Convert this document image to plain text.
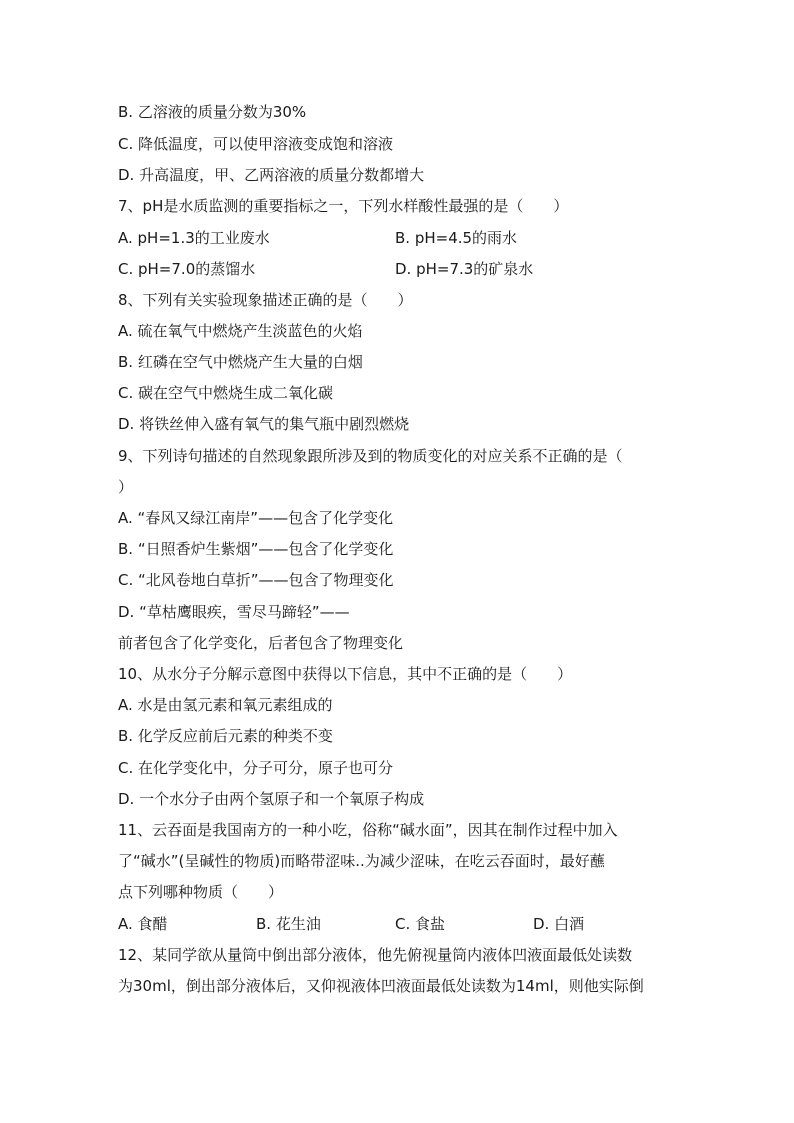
B. 乙溶液的质量分数为30%
C. 降低温度，可以使甲溶液变成饱和溶液
D. 升高温度，甲、乙两溶液的质量分数都增大
7、pH是水质监测的重要指标之一，下列水样酸性最强的是（　　）
A. pH=1.3的工业废水	B. pH=4.5的雨水
C. pH=7.0的蒸馏水	D. pH=7.3的矿泉水
8、下列有关实验现象描述正确的是（　　）
A. 硫在氧气中燃烧产生淡蓝色的火焰
B. 红磷在空气中燃烧产生大量的白烟
C. 碳在空气中燃烧生成二氧化碳
D. 将铁丝伸入盛有氧气的集气瓶中剧烈燃烧
9、下列诗句描述的自然现象跟所涉及到的物质变化的对应关系不正确的是（
）
A. “春风又绿江南岸”——包含了化学变化
B. “日照香炉生紫烟”——包含了化学变化
C. “北风卷地白草折”——包含了物理变化
D. “草枯鹰眼疾，雪尽马蹄轻”——
前者包含了化学变化，后者包含了物理变化
10、从水分子分解示意图中获得以下信息，其中不正确的是（　　）
A. 水是由氢元素和氧元素组成的
B. 化学反应前后元素的种类不变
C. 在化学变化中，分子可分，原子也可分
D. 一个水分子由两个氢原子和一个氧原子构成
11、云吞面是我国南方的一种小吃，俗称“碱水面”，因其在制作过程中加入
了“碱水”(呈碱性的物质)而略带涩味..为减少涩味，在吃云吞面时，最好蘸
点下列哪种物质（　　）
A. 食醋	B. 花生油	C. 食盐	D. 白酒
12、某同学欲从量筒中倒出部分液体，他先俯视量筒内液体凹液面最低处读数
为30ml，倒出部分液体后，又仰视液体凹液面最低处读数为14ml，则他实际倒
